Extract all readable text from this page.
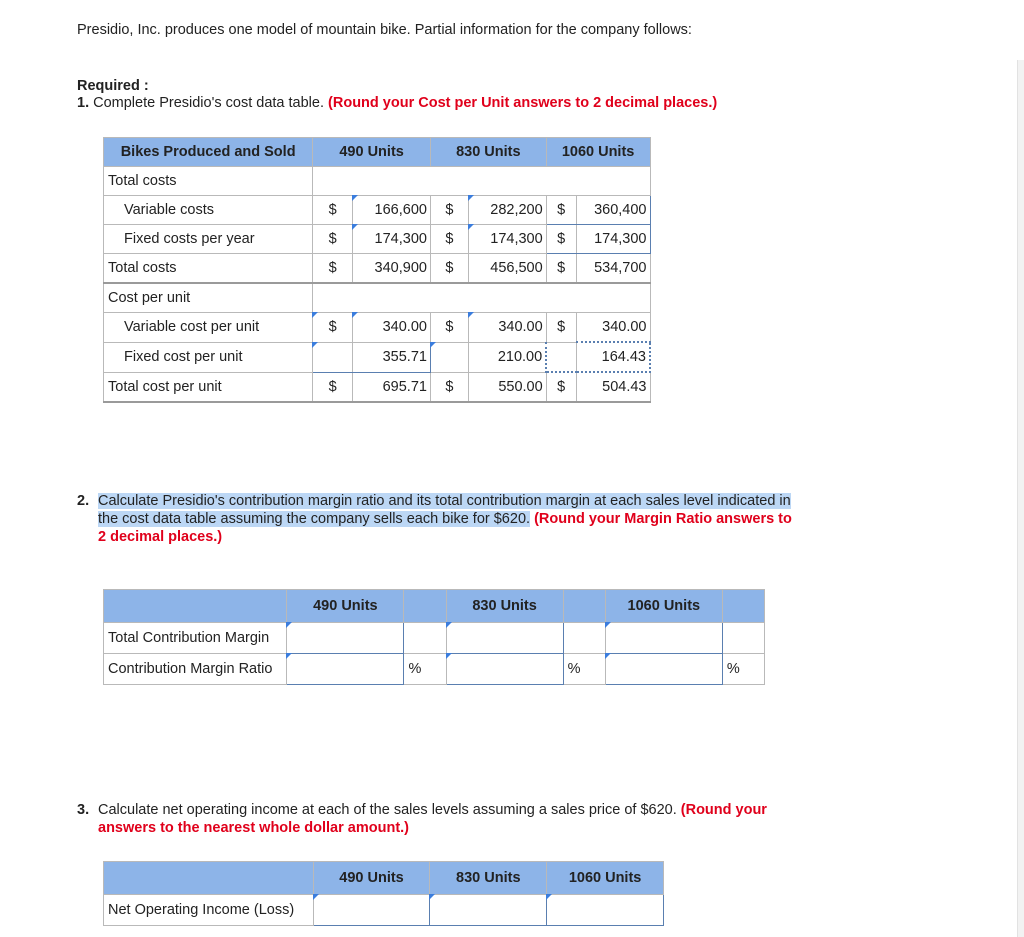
Presidio, Inc. produces one model of mountain bike. Partial information for the company follows:
Required :
1. Complete Presidio's cost data table. (Round your Cost per Unit answers to 2 decimal places.)
Bikes Produced and Sold	490 Units		830 Units		1060 Units	
Total costs						
Variable costs	$	166,600	$	282,200	$	360,400
Fixed costs per year	$	174,300	$	174,300	$	174,300
Total costs	$	340,900	$	456,500	$	534,700
Cost per unit						
Variable cost per unit	$	340.00	$	340.00	$	340.00
Fixed cost per unit		355.71		210.00		164.43
Total cost per unit	$	695.71	$	550.00	$	504.43
2. Calculate Presidio's contribution margin ratio and its total contribution margin at each sales level indicated in the cost data table assuming the company sells each bike for $620. (Round your Margin Ratio answers to 2 decimal places.)
	490 Units		830 Units		1060 Units	
Total Contribution Margin						
Contribution Margin Ratio		%		%		%
3. Calculate net operating income at each of the sales levels assuming a sales price of $620. (Round your answers to the nearest whole dollar amount.)
	490 Units	830 Units	1060 Units
Net Operating Income (Loss)			
